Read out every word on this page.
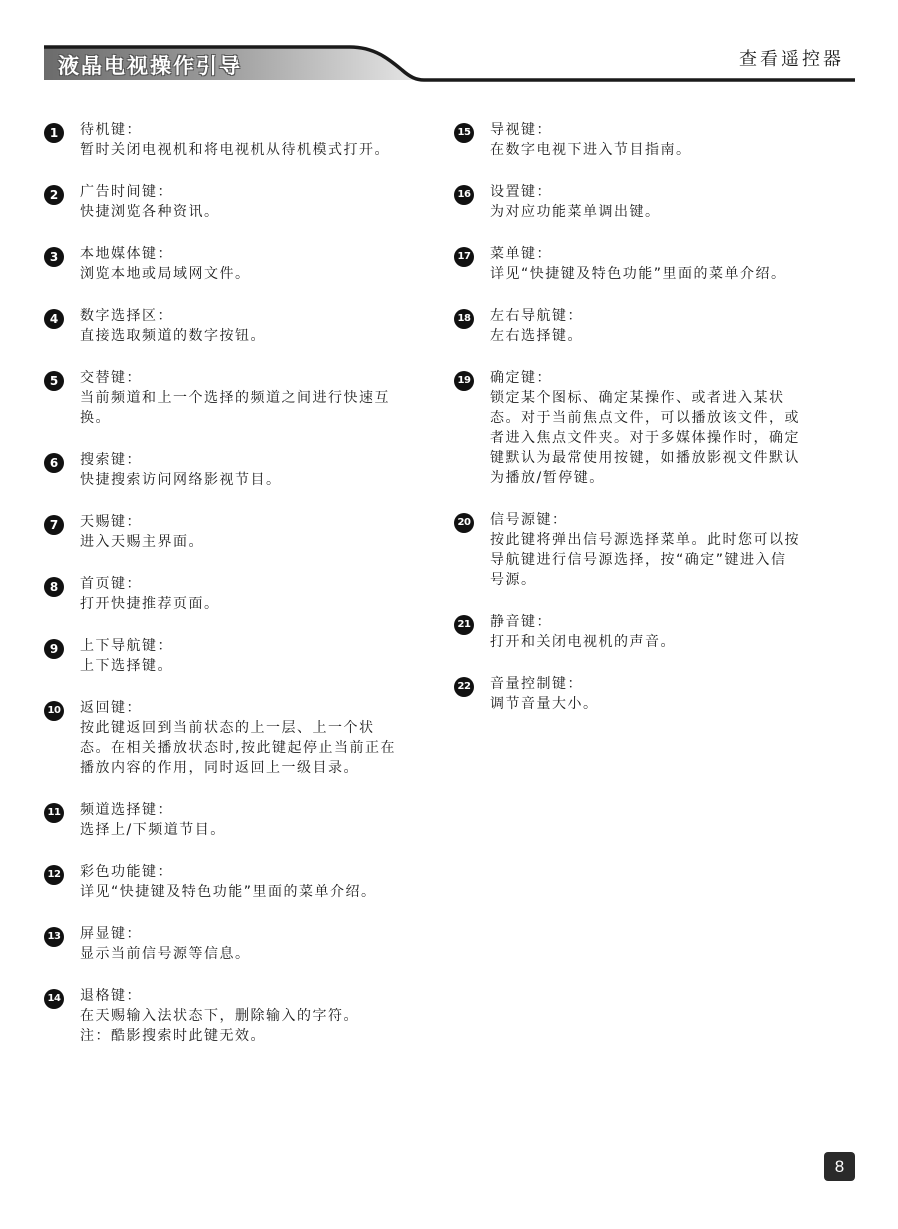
液晶电视操作引导	查看遥控器
1	待机键：
暂时关闭电视机和将电视机从待机模式打开。
2	广告时间键：
快捷浏览各种资讯。
3	本地媒体键：
浏览本地或局域网文件。
4	数字选择区：
直接选取频道的数字按钮。
5	交替键：
当前频道和上一个选择的频道之间进行快速互
换。
6	搜索键：
快捷搜索访问网络影视节目。
7	天赐键：
进入天赐主界面。
8	首页键：
打开快捷推荐页面。
9	上下导航键：
上下选择键。
10 返回键：
按此键返回到当前状态的上一层、上一个状
态。在相关播放状态时,按此键起停止当前正在
播放内容的作用，同时返回上一级目录。
11 频道选择键：
选择上/下频道节目。
12 彩色功能键：
详见“快捷键及特色功能”里面的菜单介绍。
13 屏显键：
显示当前信号源等信息。
14 退格键：
在天赐输入法状态下，删除输入的字符。
注：酷影搜索时此键无效。
15 导视键：
在数字电视下进入节目指南。
16 设置键：
为对应功能菜单调出键。
17 菜单键：
详见“快捷键及特色功能”里面的菜单介绍。
18 左右导航键：
左右选择键。
19 确定键：
锁定某个图标、确定某操作、或者进入某状
态。对于当前焦点文件，可以播放该文件，或
者进入焦点文件夹。对于多媒体操作时，确定
键默认为最常使用按键，如播放影视文件默认
为播放/暂停键。
20 信号源键：
按此键将弹出信号源选择菜单。此时您可以按
导航键进行信号源选择，按“确定”键进入信
号源。
21 静音键：
打开和关闭电视机的声音。
22 音量控制键：
调节音量大小。
8
